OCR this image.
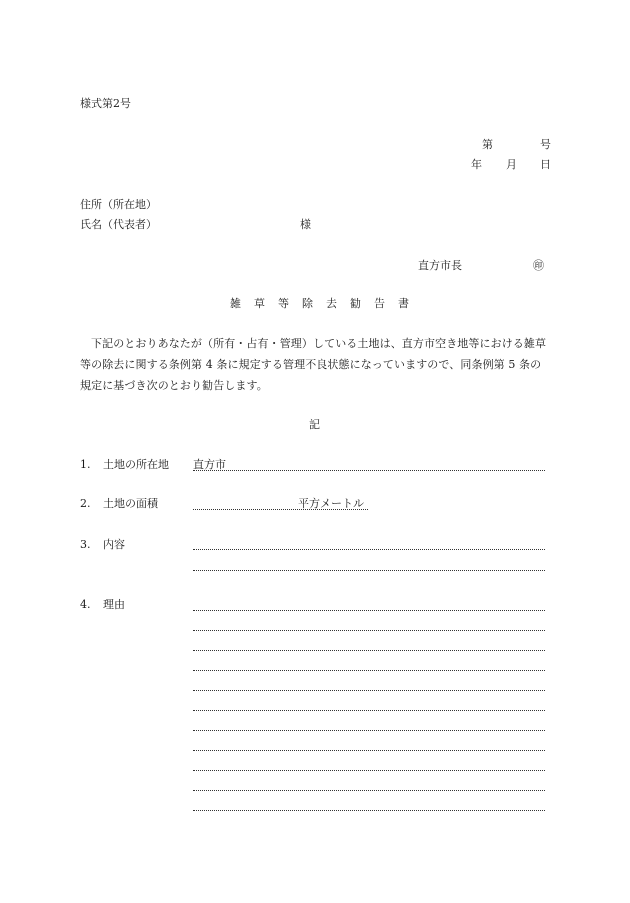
様式第2号
第	号
年 月 日
住所（所在地）
氏名（代表者）	様
直方市長	㊞
雑 草 等 除 去 勧 告 書
下記のとおりあなたが（所有・占有・管理）している土地は、直方市空き地等における雑草等の除去に関する条例第 4 条に規定する管理不良状態になっていますので、同条例第 5 条の規定に基づき次のとおり勧告します。
記
1. 土地の所在地 直方市
2. 土地の面積	平方メートル
3. 内容
4. 理由
